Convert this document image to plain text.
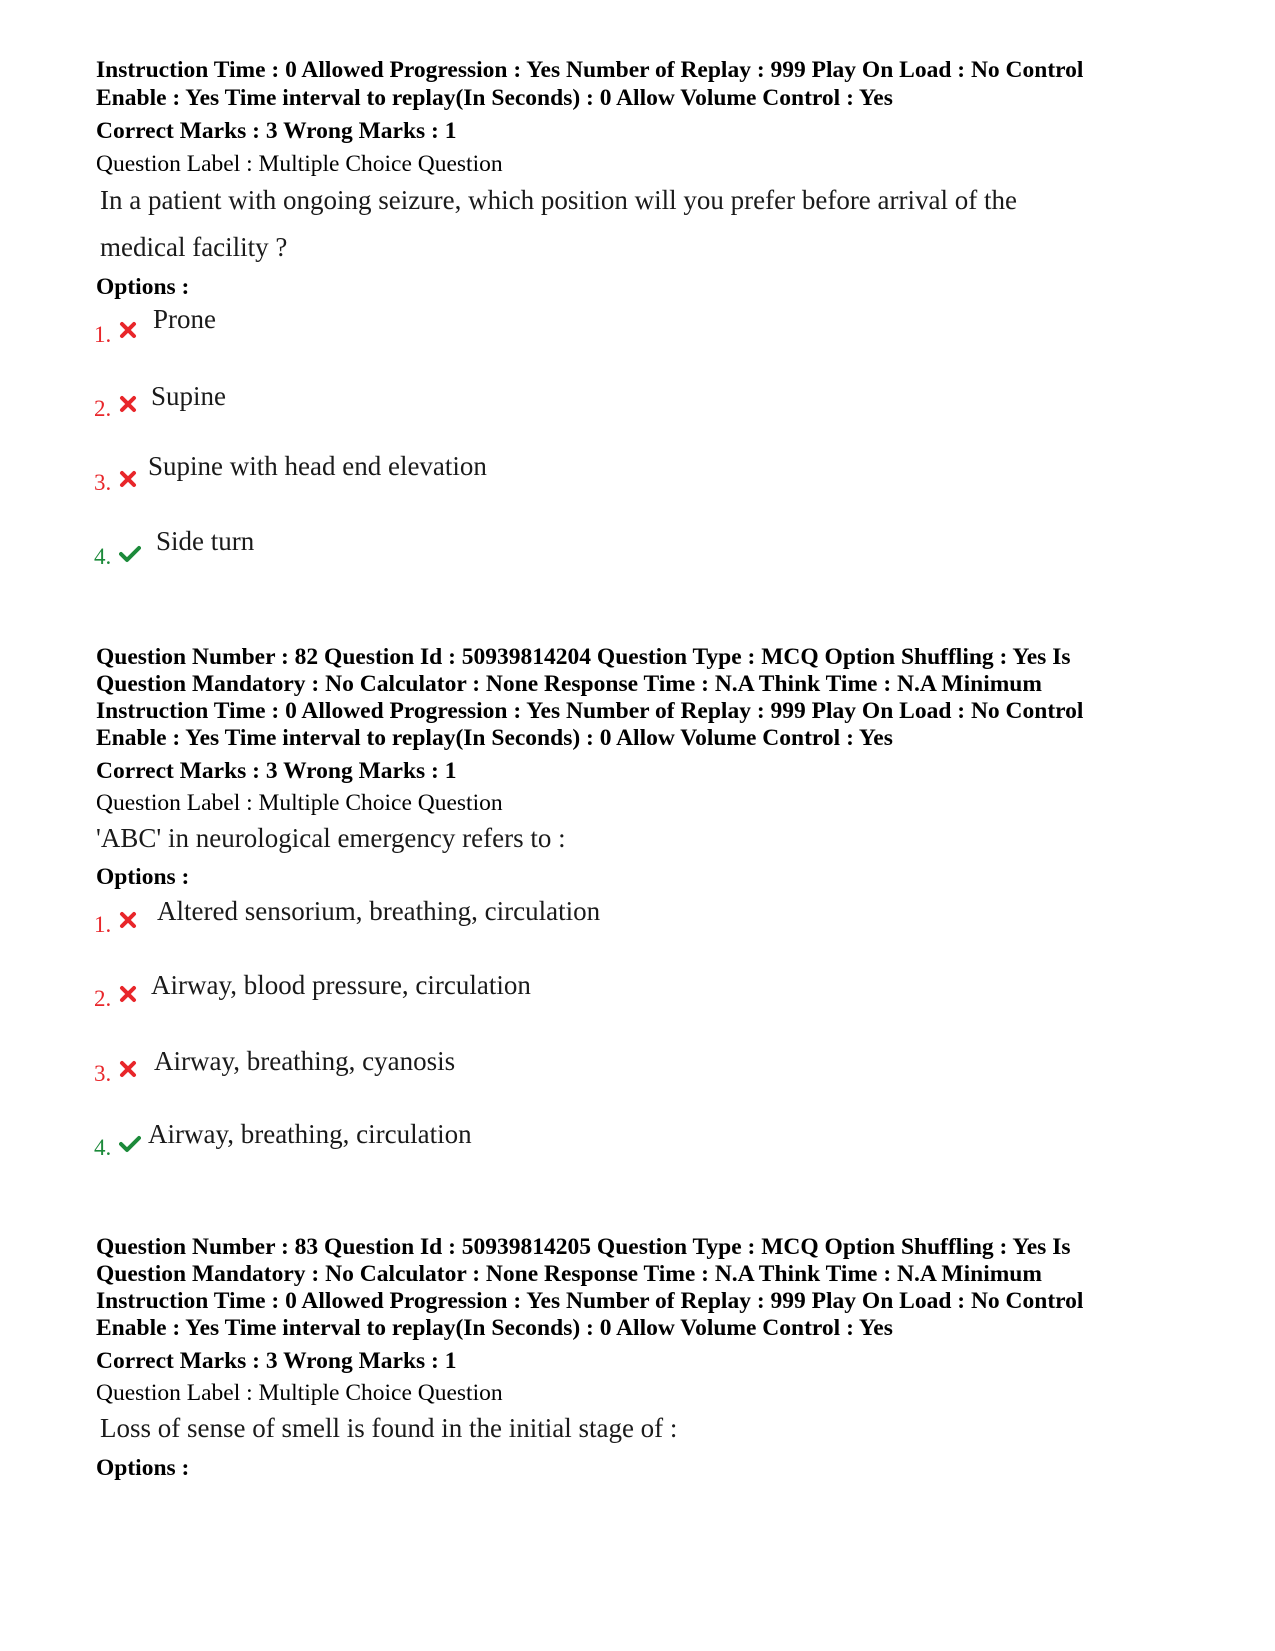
Instruction Time : 0 Allowed Progression : Yes Number of Replay : 999 Play On Load : No Control
Enable : Yes Time interval to replay(In Seconds) : 0 Allow Volume Control : Yes
Correct Marks : 3 Wrong Marks : 1
Question Label : Multiple Choice Question
In a patient with ongoing seizure, which position will you prefer before arrival of the
medical facility ?
Options :
1.
Prone
2. Supine
3.
Supine with head end elevation
4.
Side turn
Question Number : 82 Question Id : 50939814204 Question Type : MCQ Option Shuffling : Yes Is
Question Mandatory : No Calculator : None Response Time : N.A Think Time : N.A Minimum
Instruction Time : 0 Allowed Progression : Yes Number of Replay : 999 Play On Load : No Control
Enable : Yes Time interval to replay(In Seconds) : 0 Allow Volume Control : Yes
Correct Marks : 3 Wrong Marks : 1
Question Label : Multiple Choice Question
'ABC' in neurological emergency refers to :
Options :
1. Altered sensorium, breathing, circulation
2. Airway, blood pressure, circulation
3. Airway, breathing, cyanosis
4. Airway, breathing, circulation
Question Number : 83 Question Id : 50939814205 Question Type : MCQ Option Shuffling : Yes Is
Question Mandatory : No Calculator : None Response Time : N.A Think Time : N.A Minimum
Instruction Time : 0 Allowed Progression : Yes Number of Replay : 999 Play On Load : No Control
Enable : Yes Time interval to replay(In Seconds) : 0 Allow Volume Control : Yes
Correct Marks : 3 Wrong Marks : 1
Question Label : Multiple Choice Question
Loss of sense of smell is found in the initial stage of :
Options :
